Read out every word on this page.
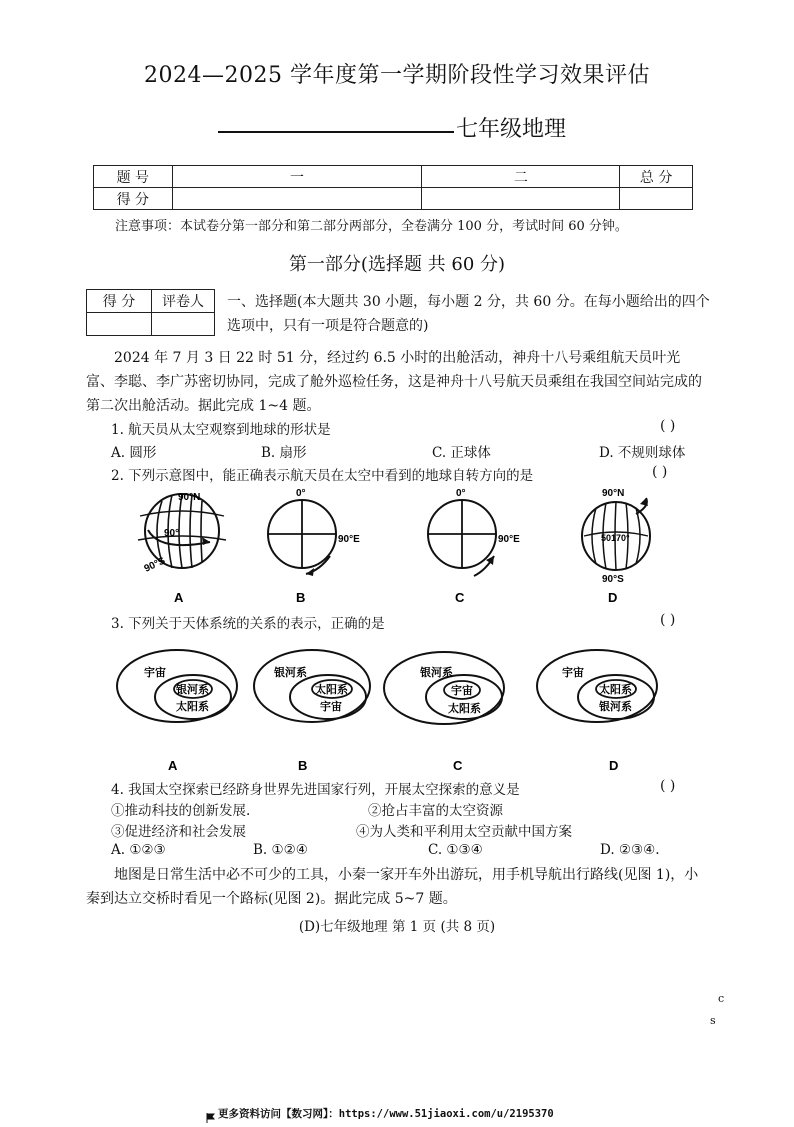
2024—2025 学年度第一学期阶段性学习效果评估
七年级地理
题 号	一	二	总 分
得 分			
注意事项：本试卷分第一部分和第二部分两部分，全卷满分 100 分，考试时间 60 分钟。
第一部分(选择题 共 60 分)
得 分	评卷人
	一、选择题(本大题共 30 小题，每小题 2 分，共 60 分。在每小题给出的四个选项中，只有一项是符合题意的)
2024 年 7 月 3 日 22 时 51 分，经过约 6.5 小时的出舱活动，神舟十八号乘组航天员叶光富、李聪、李广苏密切协同，完成了舱外巡检任务，这是神舟十八号航天员乘组在我国空间站完成的第二次出舱活动。据此完成 1~4 题。
1. 航天员从太空观察到地球的形状是	( )
A. 圆形	B. 扇形	C. 正球体	D. 不规则球体
2. 下列示意图中，能正确表示航天员在太空中看到的地球自转方向的是	( )
90°N
90°S
90°
A
0°
90°E
B
0°
90°E
C
90°N
90°S
50170°
D
3. 下列关于天体系统的关系的表示，正确的是	( )
宇宙
银河系
太阳系
A
银河系
太阳系
宇宙
B
银河系
宇宙
太阳系
C
宇宙
太阳系
银河系
D
4. 我国太空探索已经跻身世界先进国家行列，开展太空探索的意义是	( )
①推动科技的创新发展.	②抢占丰富的太空资源
③促进经济和社会发展	④为人类和平利用太空贡献中国方案
A. ①②③	B. ①②④	C. ①③④	D. ②③④.
地图是日常生活中必不可少的工具，小秦一家开车外出游玩，用手机导航出行路线(见图 1)，小秦到达立交桥时看见一个路标(见图 2)。据此完成 5~7 题。
(D)七年级地理 第 1 页 (共 8 页)
c
s
更多资料访问【数习网】：https://www.51jiaoxi.com/u/2195370
